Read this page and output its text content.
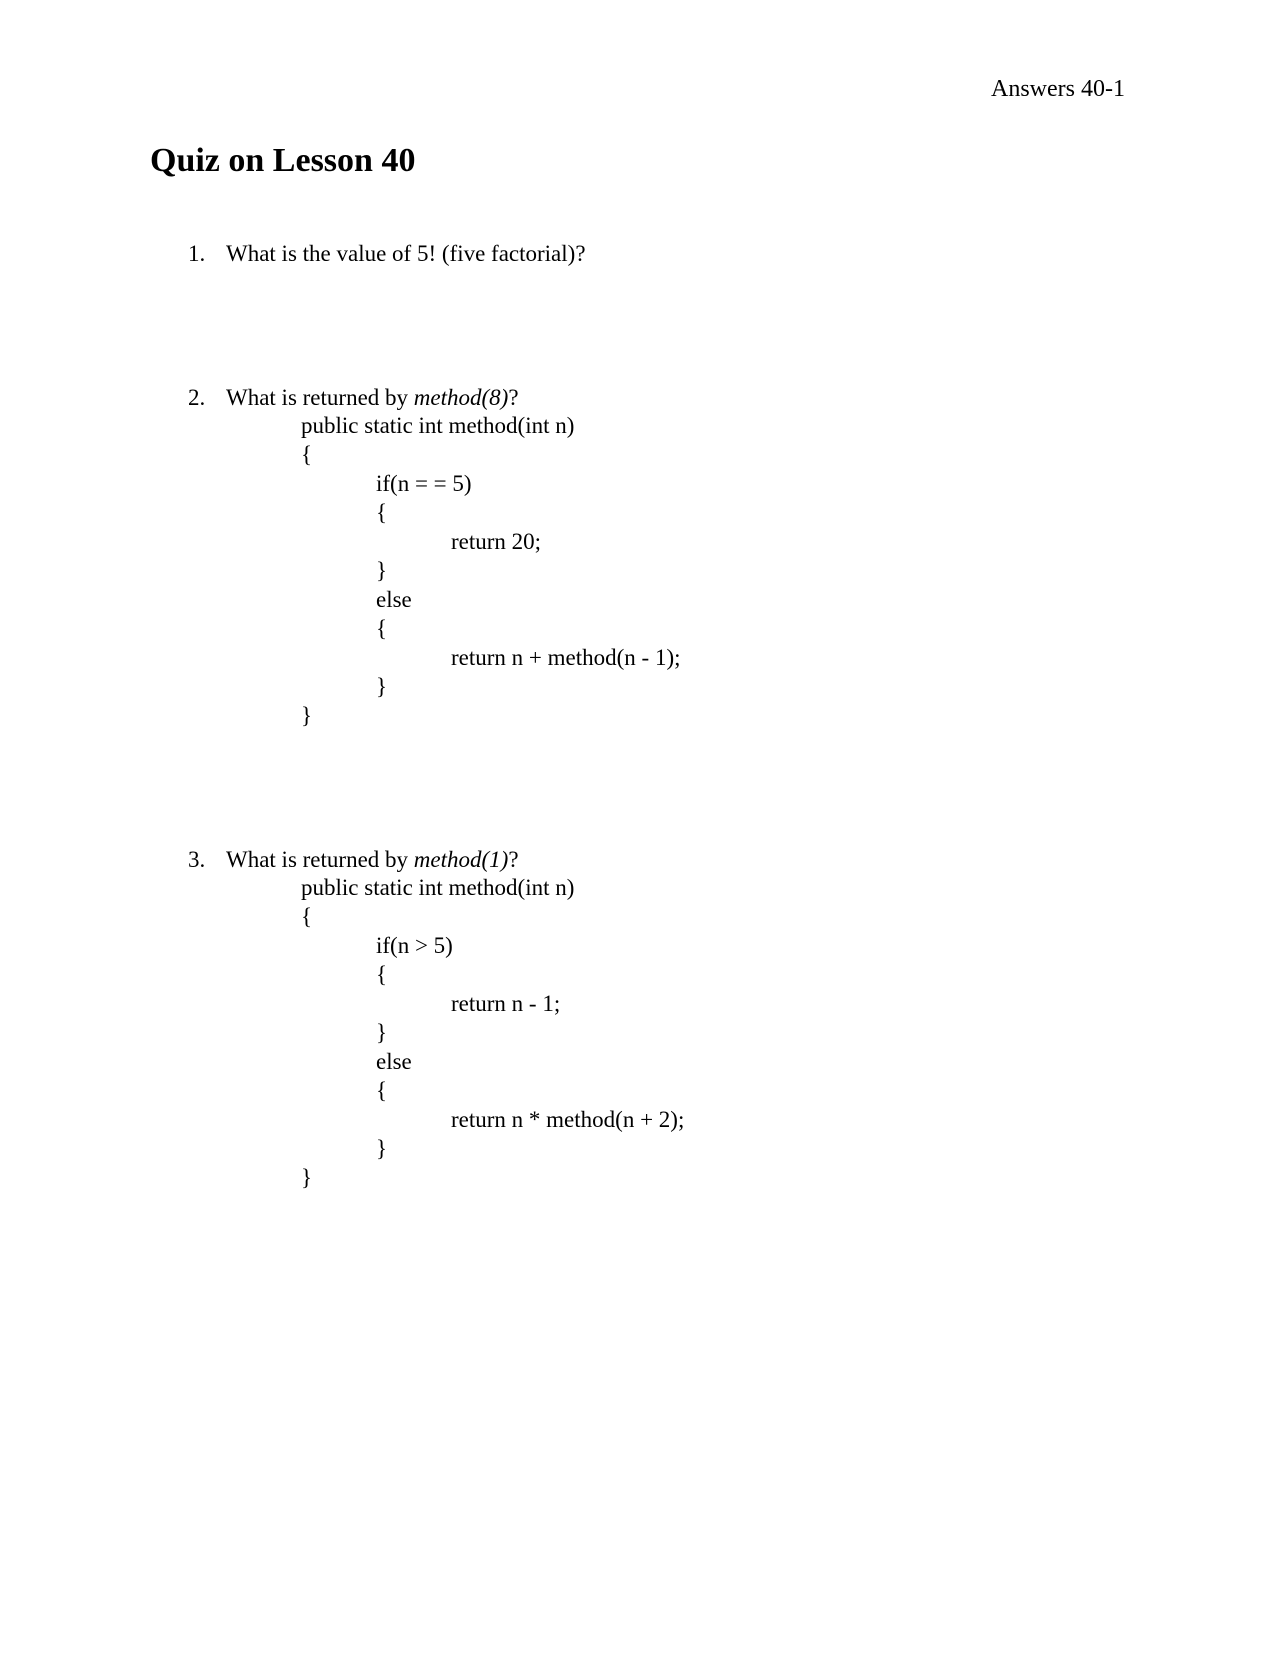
Answers 40-1
Quiz on Lesson 40
1. What is the value of 5! (five factorial)?
2. What is returned by method(8)?
public static int method(int n)
{
if(n = = 5)
{
return 20;
}
else
{
return n + method(n - 1);
}
}
3. What is returned by method(1)?
public static int method(int n)
{
if(n > 5)
{
return n - 1;
}
else
{
return n * method(n + 2);
}
}
